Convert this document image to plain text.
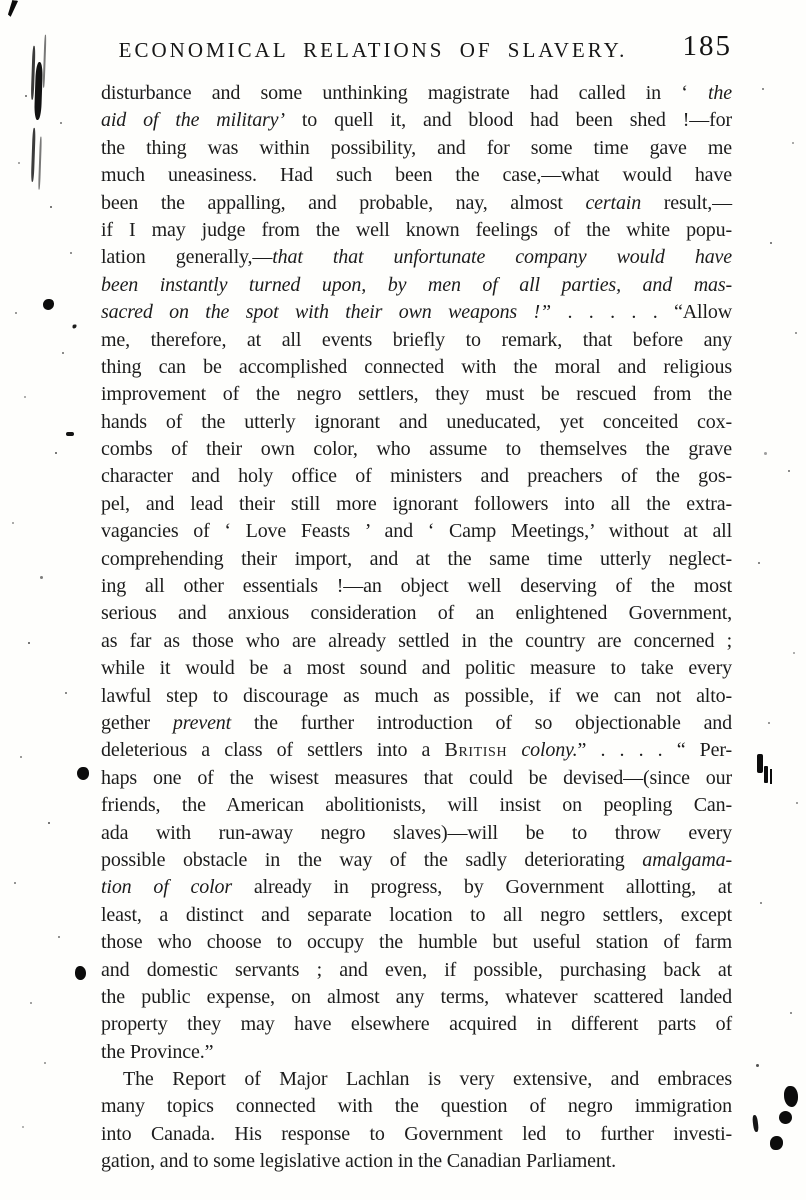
ECONOMICAL RELATIONS OF SLAVERY.	185
disturbance and some unthinking magistrate had called in ‘ the
aid of the military’ to quell it, and blood had been shed !—for
the thing was within possibility, and for some time gave me
much uneasiness. Had such been the case,—what would have
been the appalling, and probable, nay, almost certain result,—
if I may judge from the well known feelings of the white popu-
lation generally,—that that unfortunate company would have
been instantly turned upon, by men of all parties, and mas-
sacred on the spot with their own weapons !” . . . . . “Allow
me, therefore, at all events briefly to remark, that before any
thing can be accomplished connected with the moral and religious
improvement of the negro settlers, they must be rescued from the
hands of the utterly ignorant and uneducated, yet conceited cox-
combs of their own color, who assume to themselves the grave
character and holy office of ministers and preachers of the gos-
pel, and lead their still more ignorant followers into all the extra-
vagancies of ‘ Love Feasts ’ and ‘ Camp Meetings,’ without at all
comprehending their import, and at the same time utterly neglect-
ing all other essentials !—an object well deserving of the most
serious and anxious consideration of an enlightened Government,
as far as those who are already settled in the country are concerned ;
while it would be a most sound and politic measure to take every
lawful step to discourage as much as possible, if we can not alto-
gether prevent the further introduction of so objectionable and
deleterious a class of settlers into a British colony.” . . . . “ Per-
haps one of the wisest measures that could be devised—(since our
friends, the American abolitionists, will insist on peopling Can-
ada with run-away negro slaves)—will be to throw every
possible obstacle in the way of the sadly deteriorating amalgama-
tion of color already in progress, by Government allotting, at
least, a distinct and separate location to all negro settlers, except
those who choose to occupy the humble but useful station of farm
and domestic servants ; and even, if possible, purchasing back at
the public expense, on almost any terms, whatever scattered landed
property they may have elsewhere acquired in different parts of
the Province.”
The Report of Major Lachlan is very extensive, and embraces
many topics connected with the question of negro immigration
into Canada. His response to Government led to further investi-
gation, and to some legislative action in the Canadian Parliament.
